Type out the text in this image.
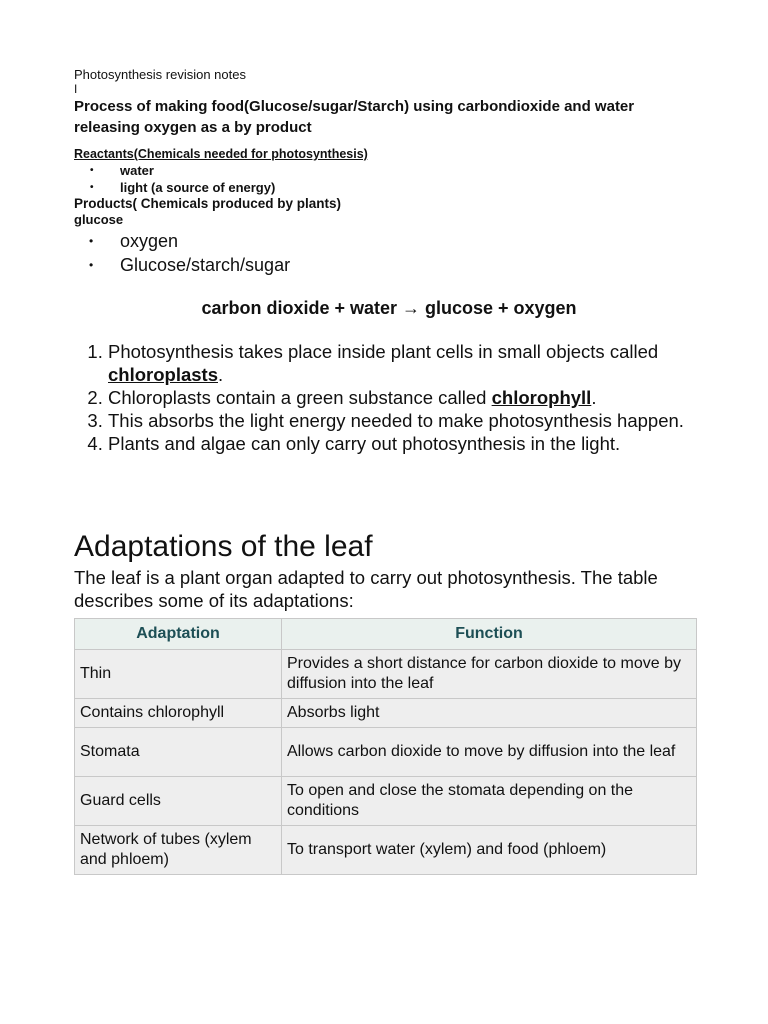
Photosynthesis revision notes

I

Process of making food(Glucose/sugar/Starch) using carbondioxide and water releasing oxygen as a by product

Reactants(Chemicals needed for photosynthesis)

• water
• light (a source of energy)

Products( Chemicals produced by plants)

glucose

• oxygen
• Glucose/starch/sugar

carbon dioxide + water → glucose + oxygen

1. Photosynthesis takes place inside plant cells in small objects called chloroplasts.
2. Chloroplasts contain a green substance called chlorophyll.
3. This absorbs the light energy needed to make photosynthesis happen.
4. Plants and algae can only carry out photosynthesis in the light.
Adaptations of the leaf

The leaf is a plant organ adapted to carry out photosynthesis. The table describes some of its adaptations:

Adaptation	Function
Thin	Provides a short distance for carbon dioxide to move by diffusion into the leaf
Contains chlorophyll	Absorbs light
Stomata	Allows carbon dioxide to move by diffusion into the leaf
Guard cells	To open and close the stomata depending on the conditions
Network of tubes (xylem and phloem)	To transport water (xylem) and food (phloem)
